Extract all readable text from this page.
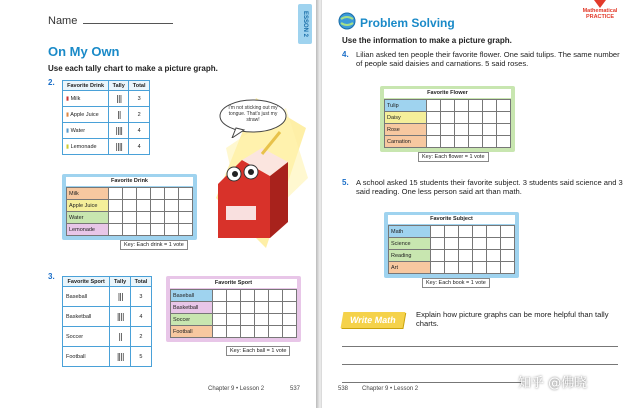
Name	ESSON 2
On My Own
Use each tally chart to make a picture graph.
2. Favorite Drink	Tally	Total
▮ Milk	|||	3
▮ Apple Juice	||	2
▮ Water	||||	4
▮ Lemonade	||||	4
Favorite Drink
Milk						
Apple Juice						
Water						
Lemonade						
Key: Each drink = 1 vote
I'm not sticking out my tongue. That's just my straw!
3.
Favorite Sport	Tally	Total
Baseball	|||	3
Basketball	||||	4
Soccer	||	2
Football	||||	5
Favorite Sport
Baseball						
Basketball						
Soccer						
Football						
Key: Each ball = 1 vote
Chapter 9 • Lesson 2	537
Problem Solving
Mathematical PRACTICE
Use the information to make a picture graph.
4. Lilian asked ten people their favorite flower. One said tulips. The same number of people said daisies and carnations. 5 said roses.
Favorite Flower
Tulip						
Daisy						
Rose						
Carnation						
Key: Each flower = 1 vote
5. A school asked 15 students their favorite subject. 3 students said science and 3 said reading. One less person said art than math.
Favorite Subject
Math						
Science						
Reading						
Art						
Key: Each book = 1 vote
Write Math
Explain how picture graphs can be more helpful than tally charts.
538 Chapter 9 • Lesson 2	知乎 @佛晓
